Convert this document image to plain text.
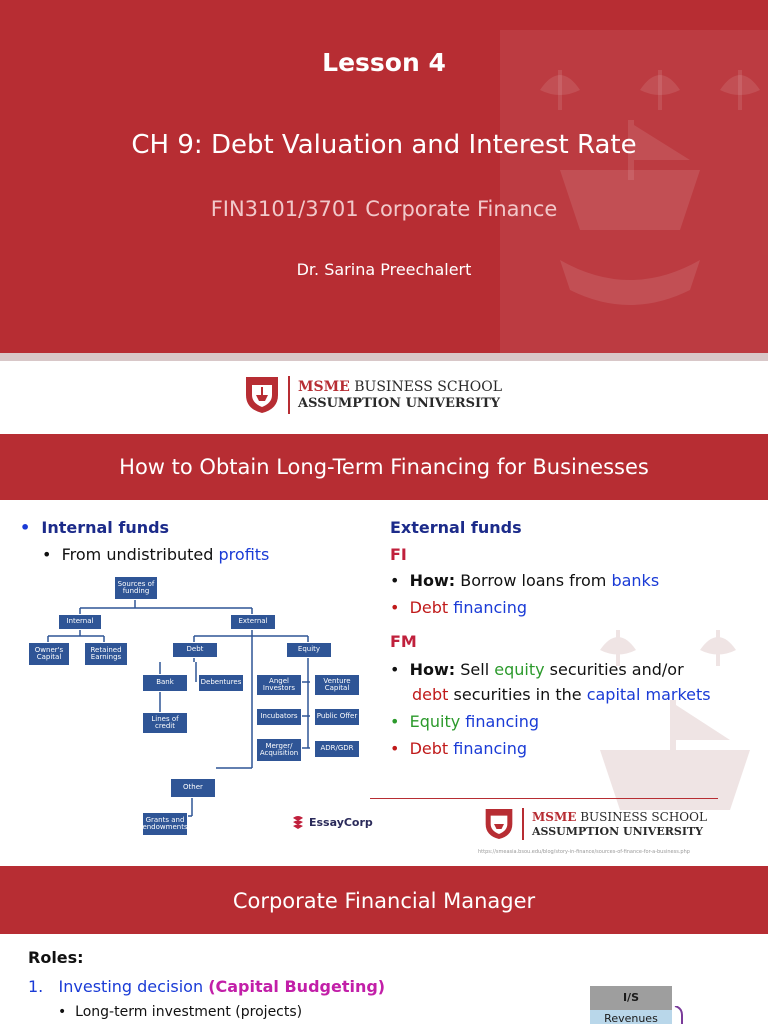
Lesson 4
CH 9: Debt Valuation and Interest Rate
FIN3101/3701 Corporate Finance
Dr. Sarina Preechalert
MSME BUSINESS SCHOOL
ASSUMPTION UNIVERSITY
How to Obtain Long-Term Financing for Businesses
• Internal funds
•  From undistributed profits
Sources of funding
Internal	External
Owner's Capital
Retained Earnings
Debt	Equity
Bank	Debentures
Lines of credit
Angel Investors
Venture Capital
Incubators	Public Offer
Merger/ Acquisition
ADR/GDR
Other
Grants and endowments
External funds
FI
•  How: Borrow loans from banks
•  Debt financing
FM
•  How: Sell equity securities and/or
debt securities in the capital markets
•  Equity financing
•  Debt financing
EssayCorp	MSME BUSINESS SCHOOL
ASSUMPTION UNIVERSITY
https://smeasia.bsou.edu/blog/story-in-finance/sources-of-finance-for-a-business.php
Corporate Financial Manager
Roles:
1. Investing decision (Capital Budgeting)
•  Long-term investment (projects)
I/S
Revenues
